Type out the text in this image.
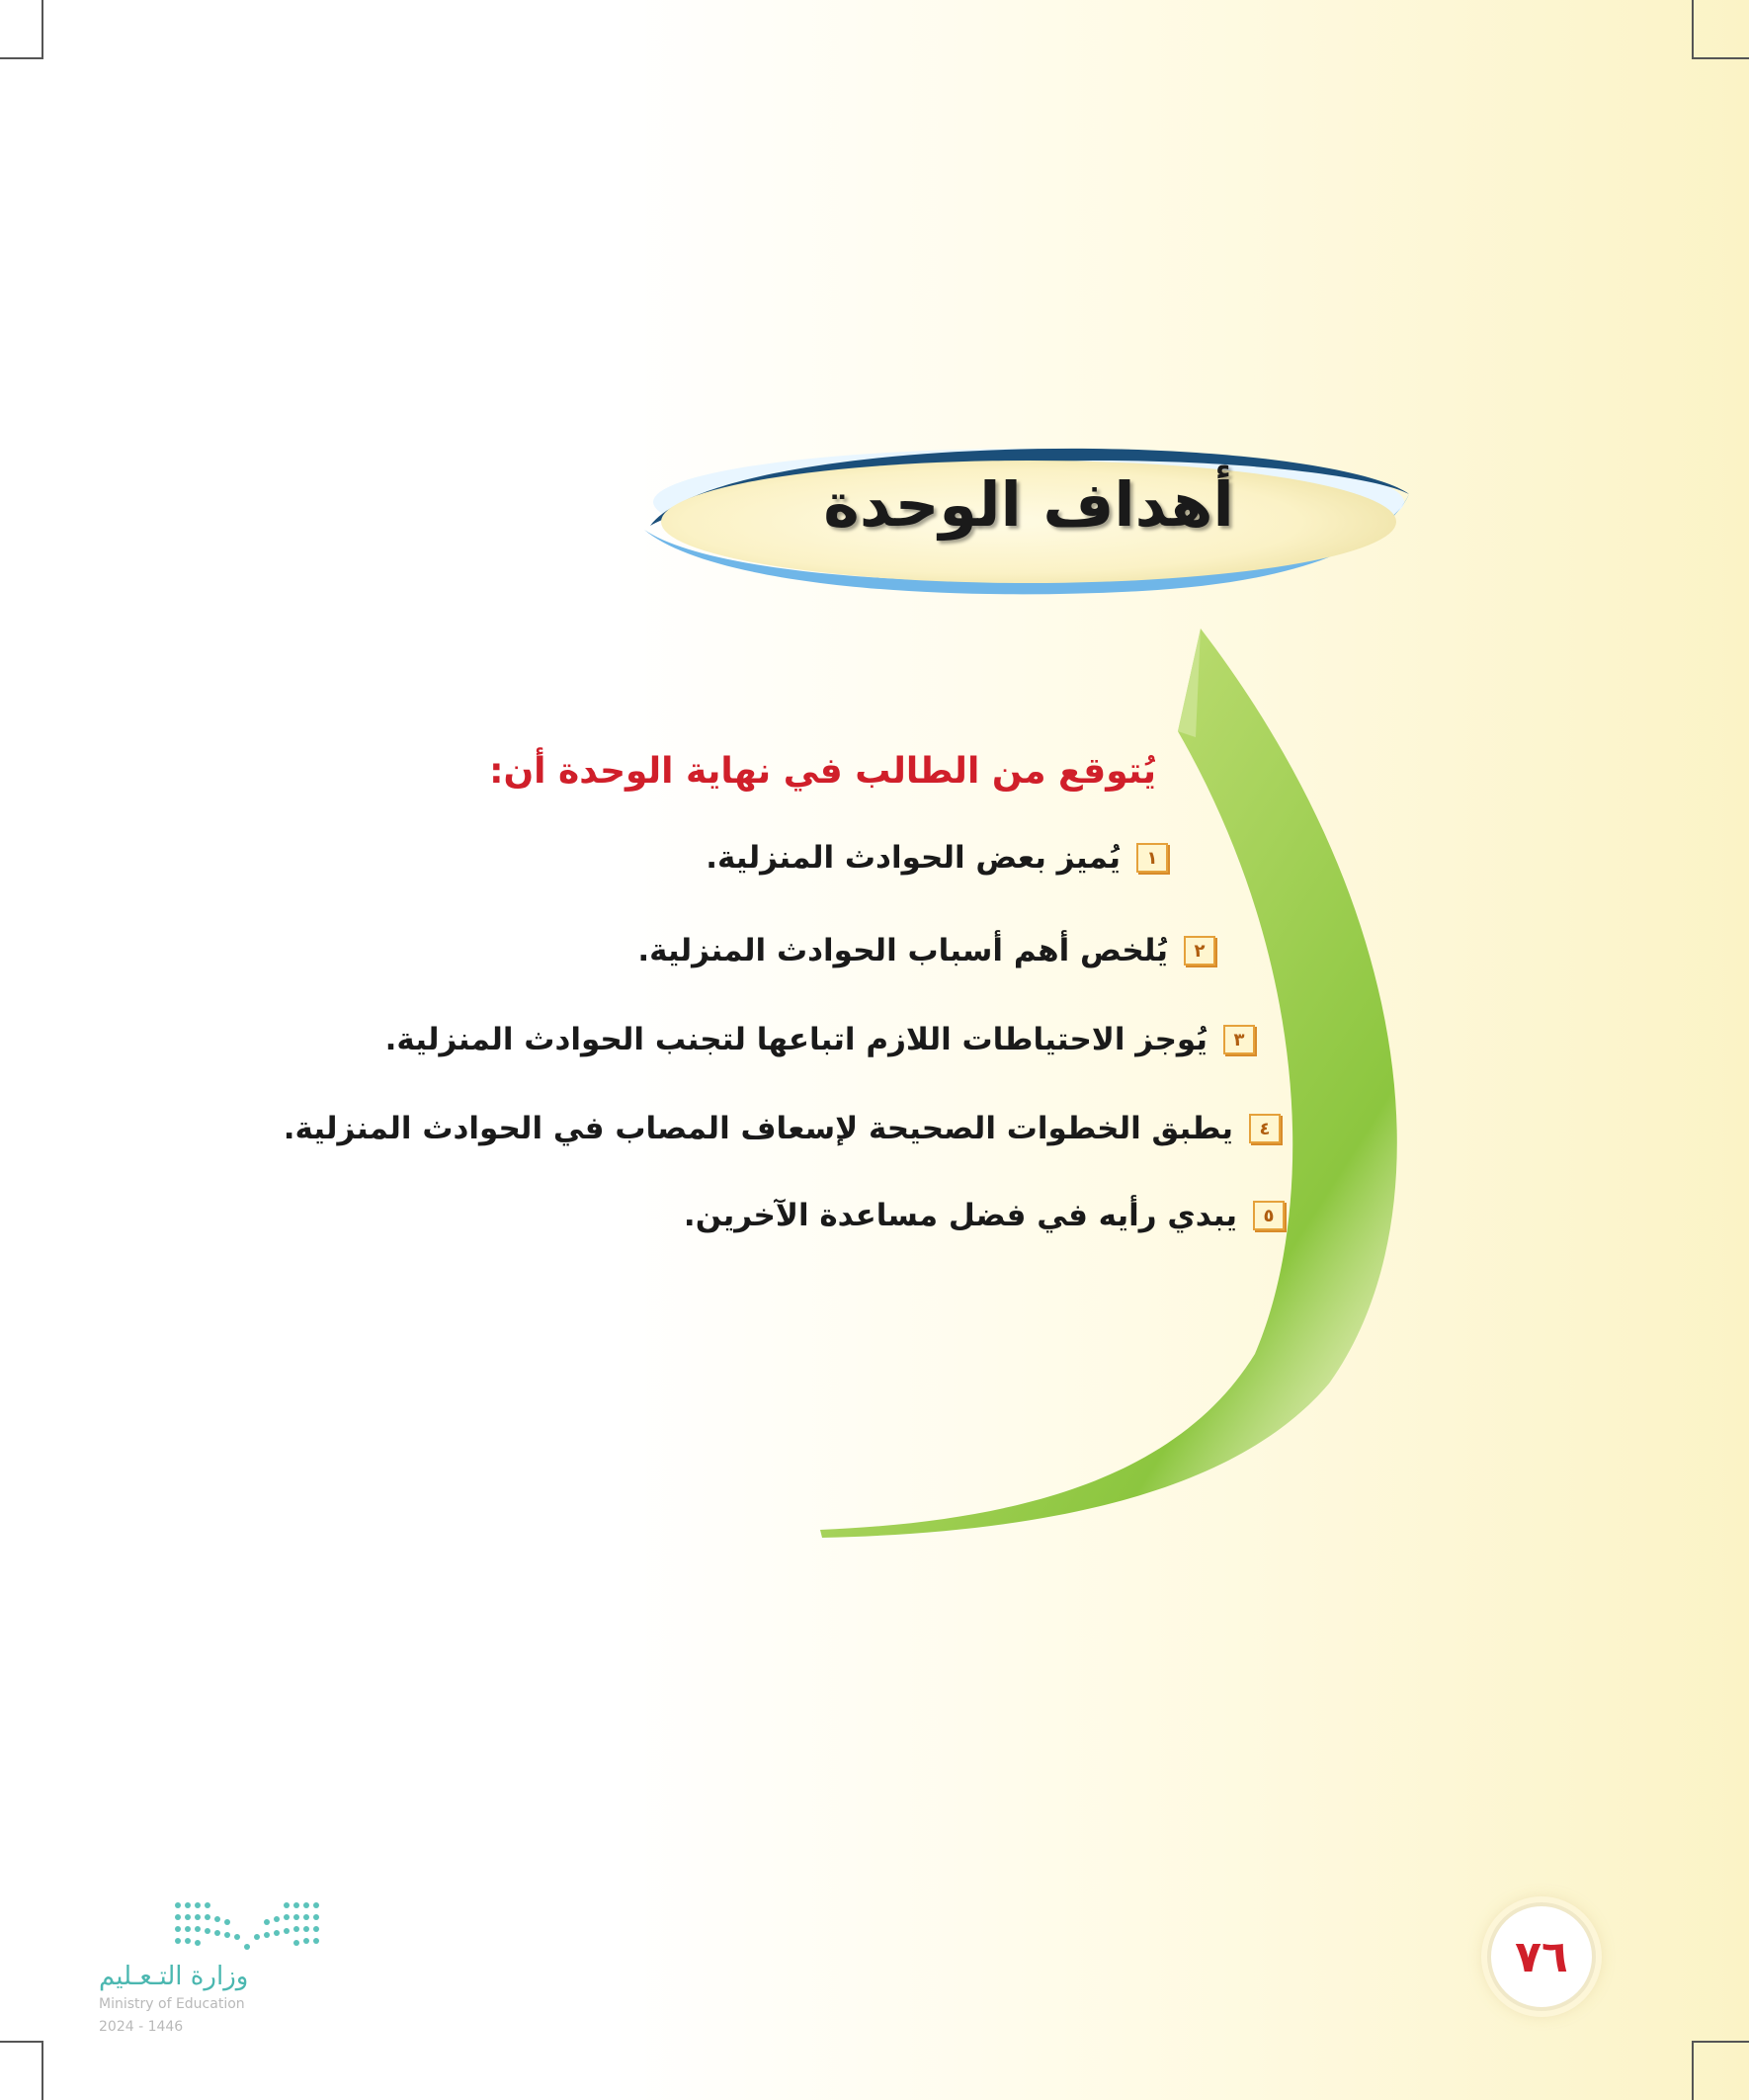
أهداف الوحدة
يُتوقع من الطالب في نهاية الوحدة أن:
١
يُميز بعض الحوادث المنزلية.
٢
يُلخص أهم أسباب الحوادث المنزلية.
٣
يُوجز الاحتياطات اللازم اتباعها لتجنب الحوادث المنزلية.
٤
يطبق الخطوات الصحيحة لإسعاف المصاب في الحوادث المنزلية.
٥
يبدي رأيه في فضل مساعدة الآخرين.
٧٦
وزارة التـعـليم
Ministry of Education
2024 - 1446
